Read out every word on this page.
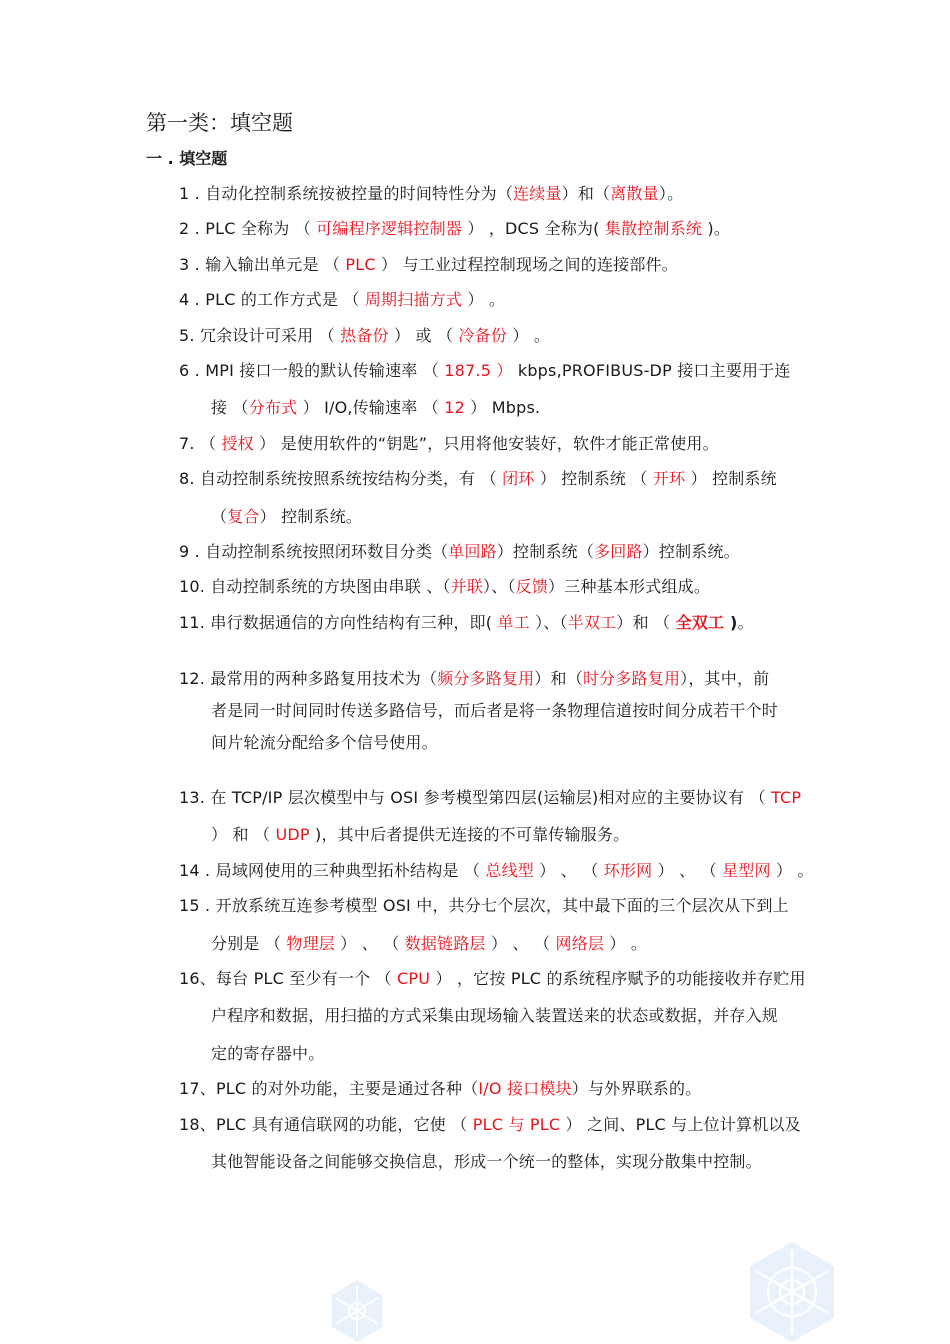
第一类：填空题
一 . 填空题
1 . 自动化控制系统按被控量的时间特性分为（连续量）和（离散量）。
2 . PLC 全称为 （ 可编程序逻辑控制器 ） ，DCS 全称为( 集散控制系统 )。
3 . 输入输出单元是 （ PLC ） 与工业过程控制现场之间的连接部件。
4 . PLC 的工作方式是 （ 周期扫描方式 ） 。
5. 冗余设计可采用 （ 热备份 ） 或 （ 冷备份 ） 。
6 . MPI 接口一般的默认传输速率 （ 187.5 ） kbps,PROFIBUS-DP 接口主要用于连
接 （分布式 ） I/O,传输速率 （ 12 ） Mbps.
7. （ 授权 ） 是使用软件的“钥匙”，只用将他安装好，软件才能正常使用。
8. 自动控制系统按照系统按结构分类，有 （ 闭环 ） 控制系统 （ 开环 ） 控制系统
（复合） 控制系统。
9 . 自动控制系统按照闭环数目分类（单回路）控制系统（多回路）控制系统。
10. 自动控制系统的方块图由串联 、（并联）、（反馈）三种基本形式组成。
11. 串行数据通信的方向性结构有三种，即( 单工 ）、（半双工）和 （ 全双工 )。
12. 最常用的两种多路复用技术为（频分多路复用）和（时分多路复用），其中，前
者是同一时间同时传送多路信号，而后者是将一条物理信道按时间分成若干个时
间片轮流分配给多个信号使用。
13. 在 TCP/IP 层次模型中与 OSI 参考模型第四层(运输层)相对应的主要协议有 （ TCP
） 和 （ UDP )，其中后者提供无连接的不可靠传输服务。
14 . 局域网使用的三种典型拓朴结构是 （ 总线型 ） 、 （ 环形网 ） 、 （ 星型网 ） 。
15 . 开放系统互连参考模型 OSI 中，共分七个层次，其中最下面的三个层次从下到上
分别是 （ 物理层 ） 、 （ 数据链路层 ） 、 （ 网络层 ） 。
16、每台 PLC 至少有一个 （ CPU ） ，它按 PLC 的系统程序赋予的功能接收并存贮用
户程序和数据，用扫描的方式采集由现场输入装置送来的状态或数据，并存入规
定的寄存器中。
17、PLC 的对外功能，主要是通过各种（I/O 接口模块）与外界联系的。
18、PLC 具有通信联网的功能，它使 （ PLC 与 PLC ） 之间、PLC 与上位计算机以及
其他智能设备之间能够交换信息，形成一个统一的整体，实现分散集中控制。
